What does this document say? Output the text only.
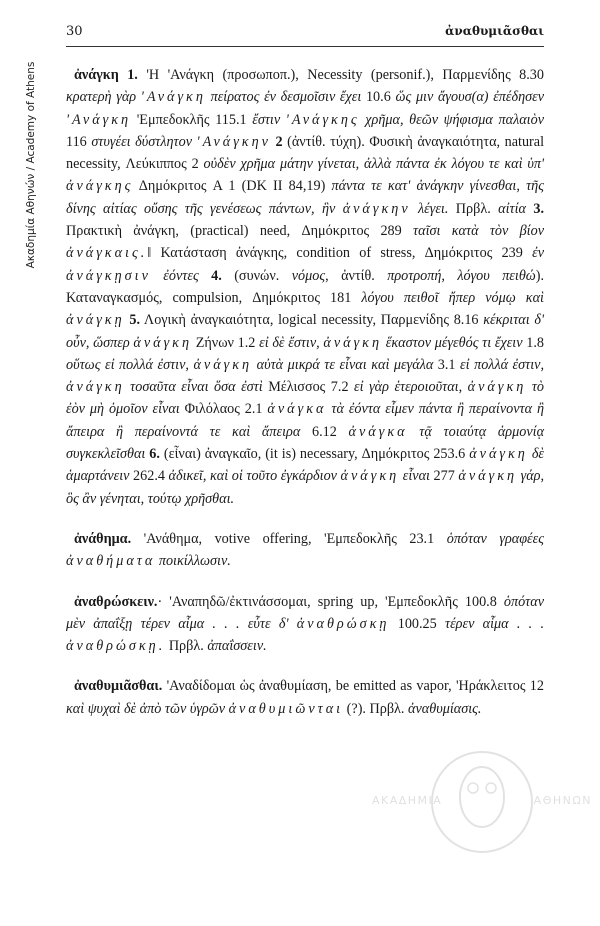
Ακαδημία Αθηνών / Academy of Athens
30	ἀναθυμιᾶσθαι

ἀνάγκη 1. 'Η 'Ανάγκη (προσωποπ.), Necessity (personif.), Παρμενίδης 8.30 κρατερὴ γὰρ 'Ανάγκη πείρατος ἐν δεσμοῖσιν ἔχει 10.6 ὥς μιν ἄγουσ(α) ἐπέδησεν 'Ανάγκη 'Εμπεδοκλῆς 115.1 ἔστιν 'Ανάγκης χρῆμα, θεῶν ψήφισμα παλαιὸν 116 στυγέει δύστλητον 'Ανάγκην 2 (ἀντίθ. τύχη). Φυσικὴ ἀναγκαιότητα, natural necessity, Λεύκιππος 2 οὐδὲν χρῆμα μάτην γίνεται, ἀλλὰ πάντα ἐκ λόγου τε καὶ ὑπ' ἀνάγκης Δημόκριτος A 1 (DK II 84,19) πάντα τε κατ' ἀνάγκην γίνεσθαι, τῆς δίνης αἰτίας οὔσης τῆς γενέσεως πάντων, ἣν ἀνάγκην λέγει. Πρβλ. αἰτία 3. Πρακτικὴ ἀνάγκη, (practical) need, Δημόκριτος 289 ταῖσι κατὰ τὸν βίον ἀνάγκαις.‖ Κατάσταση ἀνάγκης, condition of stress, Δημόκριτος 239 ἐν ἀνάγκῃσιν ἐόντες 4. (συνών. νόμος, ἀντίθ. προτροπή, λόγου πειθώ). Καταναγκασμός, compulsion, Δημόκριτος 181 λόγου πειθοῖ ἤπερ νόμῳ καὶ ἀνάγκῃ 5. Λογικὴ ἀναγκαιότητα, logical necessity, Παρμενίδης 8.16 κέκριται δ' οὖν, ὥσπερ ἀνάγκη Ζήνων 1.2 εἰ δὲ ἔστιν, ἀνάγκη ἕκαστον μέγεθός τι ἔχειν 1.8 οὕτως εἰ πολλά ἐστιν, ἀνάγκη αὐτὰ μικρά τε εἶναι καὶ μεγάλα 3.1 εἰ πολλά ἐστιν, ἀνάγκη τοσαῦτα εἶναι ὅσα ἐστὶ Μέλισσος 7.2 εἰ γὰρ ἑτεροιοῦται, ἀνάγκη τὸ ἐὸν μὴ ὁμοῖον εἶναι Φιλόλαος 2.1 ἀνάγκα τὰ ἐόντα εἶμεν πάντα ἢ περαίνοντα ἢ ἄπειρα ἢ περαίνοντά τε καὶ ἄπειρα 6.12 ἀνάγκα τᾷ τοιαύτᾳ ἁρμονίᾳ συγκεκλεῖσθαι 6. (εἶναι) ἀναγκαῖο, (it is) necessary, Δημόκριτος 253.6 ἀνάγκη δὲ ἁμαρτάνειν 262.4 ἀδικεῖ, καὶ οἱ τοῦτο ἐγκάρδιον ἀνάγκη εἶναι 277 ἀνάγκη γάρ, ὃς ἂν γένηται, τούτῳ χρῆσθαι.

ἀνάθημα. 'Ανάθημα, votive offering, 'Εμπεδοκλῆς 23.1 ὁπόταν γραφέες ἀναθήματα ποικίλλωσιν.

ἀναθρώσκειν.· 'Αναπηδῶ/ἐκτινάσσομαι, spring up, 'Εμπεδοκλῆς 100.8 ὁπόταν μὲν ἀπαΐξῃ τέρεν αἷμα . . . εὖτε δ' ἀναθρώσκῃ 100.25 τέρεν αἷμα . . . ἀναθρώσκῃ. Πρβλ. ἀπαΐσσειν.

ἀναθυμιᾶσθαι. 'Αναδίδομαι ὡς ἀναθυμίαση, be emitted as vapor, 'Ηράκλειτος 12 καὶ ψυχαὶ δὲ ἀπὸ τῶν ὑγρῶν ἀναθυμιῶνται (?). Πρβλ. ἀναθυμίασις.

ΑΚΑΔΗΜΙΑ	ΑΘΗΝΩΝ
